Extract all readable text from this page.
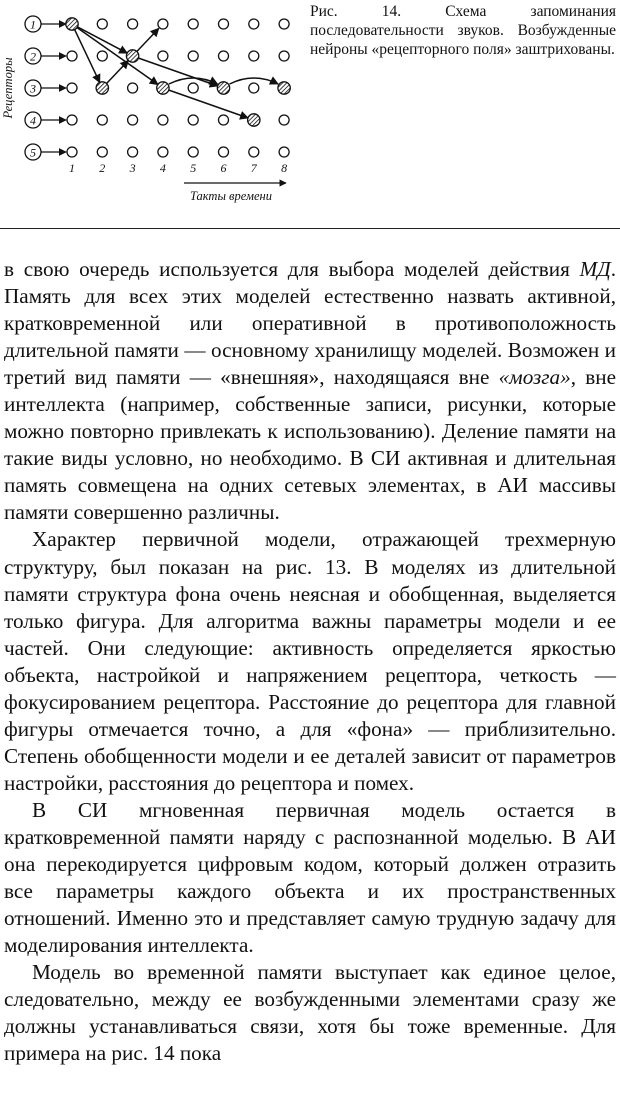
1
2
3
4
5
1 2 3 4 5 6 7 8
Рецепторы
Такты времени
Рис. 14. Схема запоминания последовательности звуков. Возбужденные нейроны «рецепторного поля» заштрихованы.

в свою очередь используется для выбора моделей действия МД. Память для всех этих моделей естественно назвать активной, кратковременной или оперативной в противоположность длительной памяти — основному хранилищу моделей. Возможен и третий вид памяти — «внешняя», находящаяся вне «мозга», вне интеллекта (например, собственные записи, рисунки, которые можно повторно привлекать к использованию). Деление памяти на такие виды условно, но необходимо. В СИ активная и длительная память совмещена на одних сетевых элементах, в АИ массивы памяти совершенно различны.

Характер первичной модели, отражающей трехмерную структуру, был показан на рис. 13. В моделях из длительной памяти структура фона очень неясная и обобщенная, выделяется только фигура. Для алгоритма важны параметры модели и ее частей. Они следующие: активность определяется яркостью объекта, настройкой и напряжением рецептора, четкость — фокусированием рецептора. Расстояние до рецептора для главной фигуры отмечается точно, а для «фона» — приблизительно. Степень обобщенности модели и ее деталей зависит от параметров настройки, расстояния до рецептора и помех.

В СИ мгновенная первичная модель остается в кратковременной памяти наряду с распознанной моделью. В АИ она перекодируется цифровым кодом, который должен отразить все параметры каждого объекта и их пространственных отношений. Именно это и представляет самую трудную задачу для моделирования интеллекта.

Модель во временной памяти выступает как единое целое, следовательно, между ее возбужденными элементами сразу же должны устанавливаться связи, хотя бы тоже временные. Для примера на рис. 14 пока
